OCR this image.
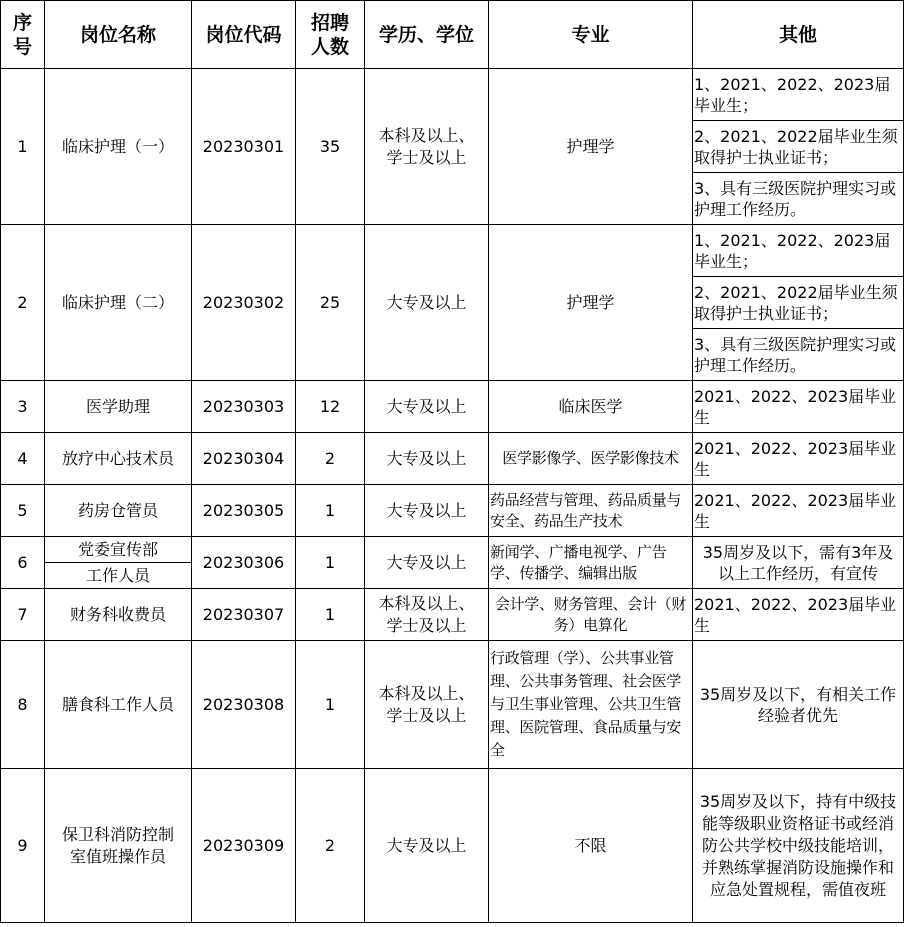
序号	岗位名称	岗位代码	招聘人数	学历、学位	专业	其他
1	临床护理（一）	20230301	35	本科及以上、学士及以上	护理学	1、2021、2022、2023届毕业生；
						2、2021、2022届毕业生须取得护士执业证书；
						3、具有三级医院护理实习或护理工作经历。
2	临床护理（二）	20230302	25	大专及以上	护理学	1、2021、2022、2023届毕业生；
						2、2021、2022届毕业生须取得护士执业证书；
						3、具有三级医院护理实习或护理工作经历。
3	医学助理	20230303	12	大专及以上	临床医学	2021、2022、2023届毕业生
4	放疗中心技术员	20230304	2	大专及以上	医学影像学、医学影像技术	2021、2022、2023届毕业生
5	药房仓管员	20230305	1	大专及以上	药品经营与管理、药品质量与安全、药品生产技术	2021、2022、2023届毕业生
6	党委宣传部	20230306	1	大专及以上	新闻学、广播电视学、广告学、传播学、编辑出版	35周岁及以下，需有3年及以上工作经历，有宣传
	工作人员					
7	财务科收费员	20230307	1	本科及以上、学士及以上	会计学、财务管理、会计（财务）电算化	2021、2022、2023届毕业生
8	膳食科工作人员	20230308	1	本科及以上、学士及以上	行政管理（学）、公共事业管理、公共事务管理、社会医学与卫生事业管理、公共卫生管理、医院管理、食品质量与安全	35周岁及以下，有相关工作经验者优先
9	保卫科消防控制室值班操作员	20230309	2	大专及以上	不限	35周岁及以下，持有中级技能等级职业资格证书或经消防公共学校中级技能培训，并熟练掌握消防设施操作和应急处置规程，需值夜班
